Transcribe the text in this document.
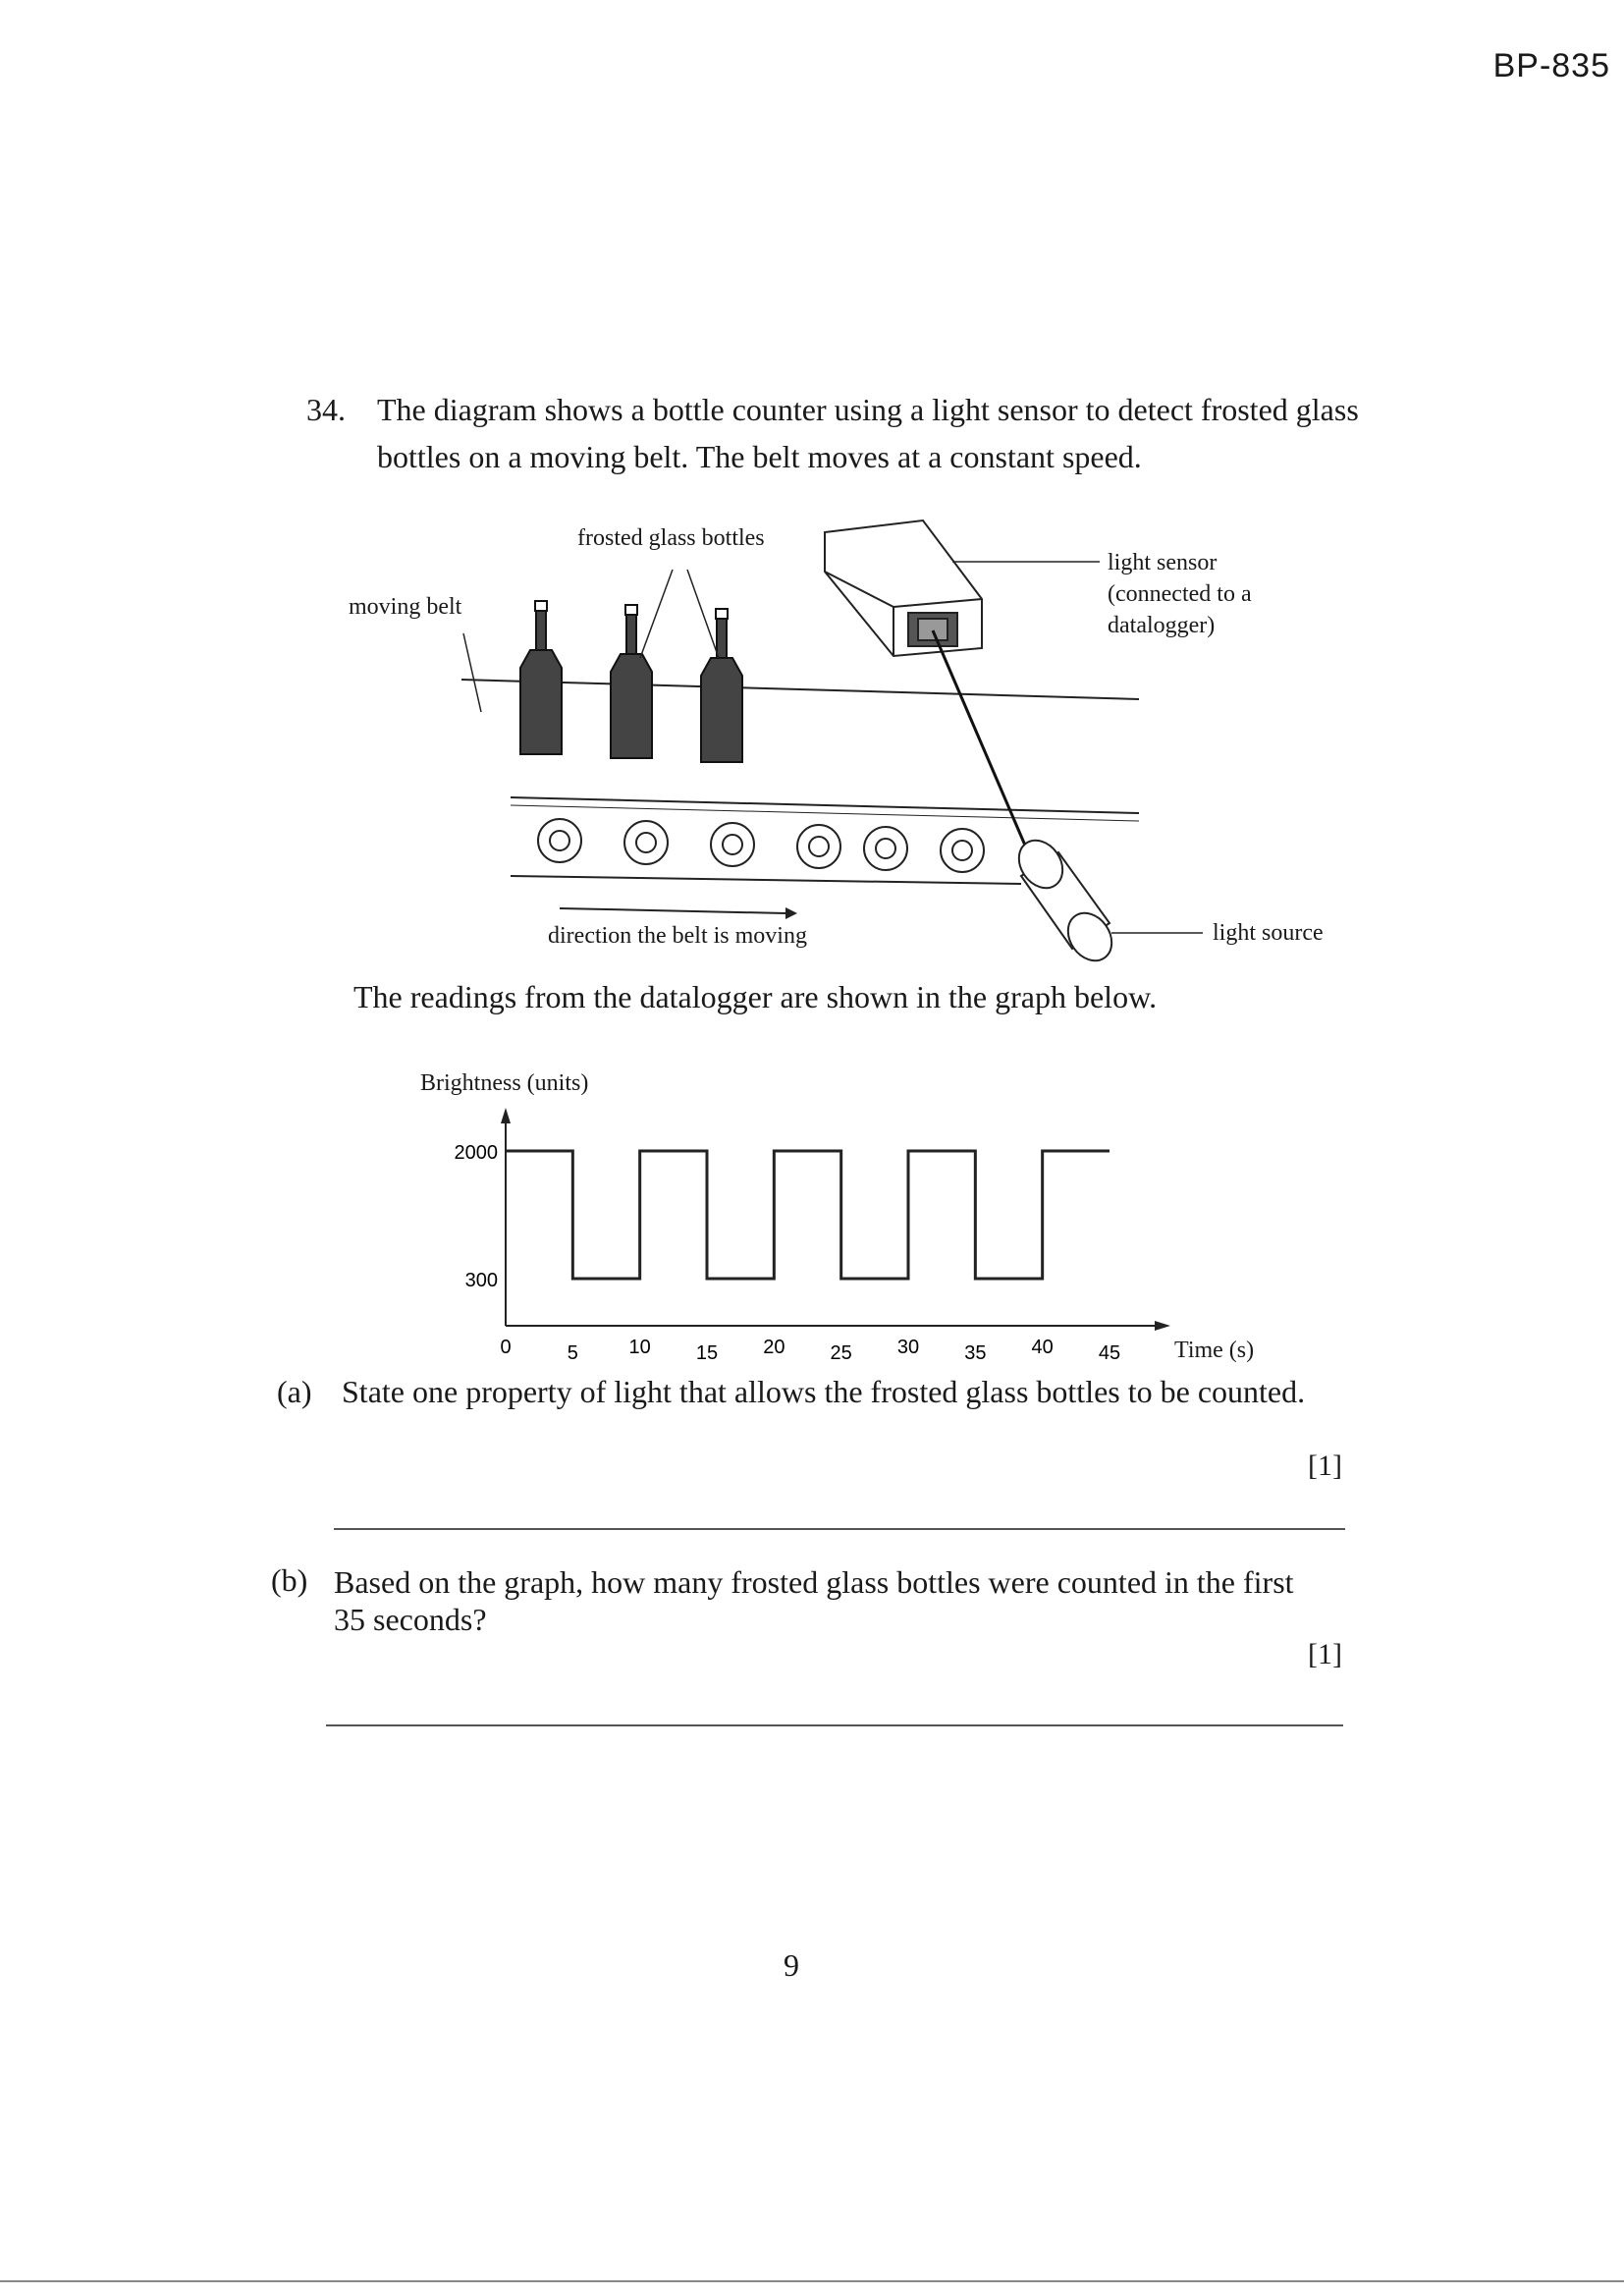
BP-835
34. The diagram shows a bottle counter using a light sensor to detect frosted glass
bottles on a moving belt. The belt moves at a constant speed.
frosted glass bottles
moving belt
light sensor
(connected to a
datalogger)
light source
direction the belt is moving
The readings from the datalogger are shown in the graph below.
Brightness (units)
Time (s)
0	5	10 15 20 25 30 35 40 45
2000
300
(a) State one property of light that allows the frosted glass bottles to be counted.
[1]
(b) Based on the graph, how many frosted glass bottles were counted in the first
35 seconds?
[1]
9
